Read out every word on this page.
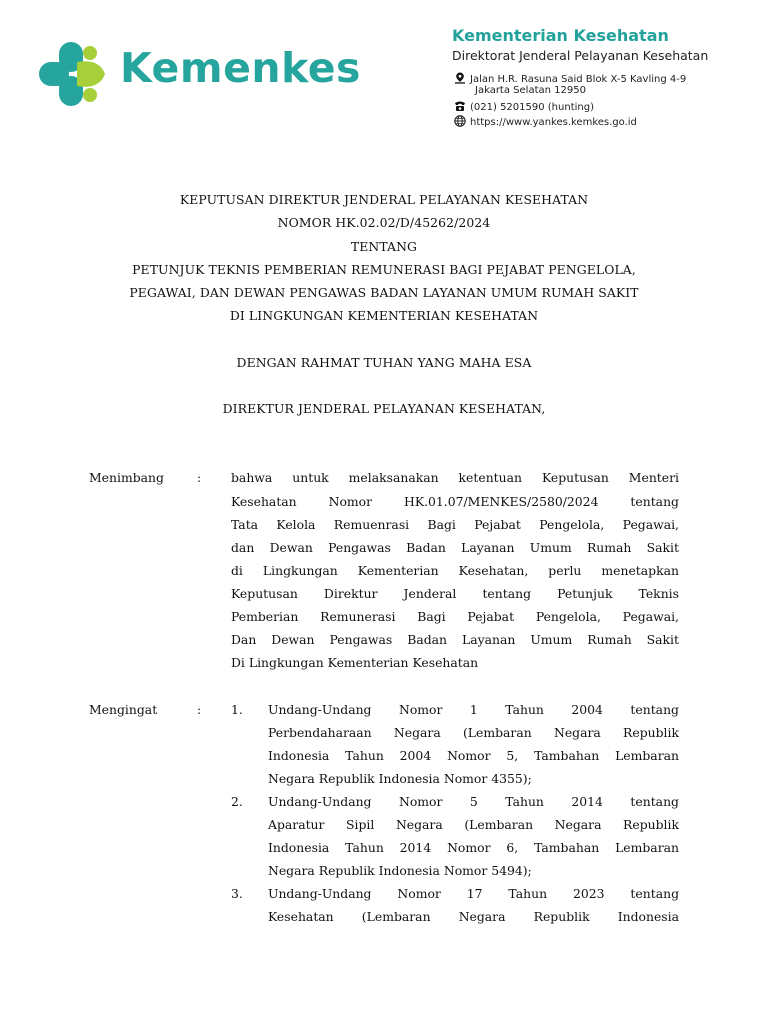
Kemenkes
Kementerian Kesehatan
Direktorat Jenderal Pelayanan Kesehatan
Jalan H.R. Rasuna Said Blok X-5 Kavling 4-9
Jakarta Selatan 12950
(021) 5201590 (hunting)
https://www.yankes.kemkes.go.id
KEPUTUSAN DIREKTUR JENDERAL PELAYANAN KESEHATAN
NOMOR HK.02.02/D/45262/2024
TENTANG
PETUNJUK TEKNIS PEMBERIAN REMUNERASI BAGI PEJABAT PENGELOLA,
PEGAWAI, DAN DEWAN PENGAWAS BADAN LAYANAN UMUM RUMAH SAKIT
DI LINGKUNGAN KEMENTERIAN KESEHATAN
DENGAN RAHMAT TUHAN YANG MAHA ESA
DIREKTUR JENDERAL PELAYANAN KESEHATAN,
Menimbang	: bahwa untuk melaksanakan ketentuan Keputusan Menteri
Kesehatan Nomor HK.01.07/MENKES/2580/2024 tentang
Tata Kelola Remuenrasi Bagi Pejabat Pengelola, Pegawai,
dan Dewan Pengawas Badan Layanan Umum Rumah Sakit
di Lingkungan Kementerian Kesehatan, perlu menetapkan
Keputusan Direktur Jenderal tentang Petunjuk Teknis
Pemberian Remunerasi Bagi Pejabat Pengelola, Pegawai,
Dan Dewan Pengawas Badan Layanan Umum Rumah Sakit
Di Lingkungan Kementerian Kesehatan
Mengingat	: 1. Undang-Undang Nomor 1 Tahun 2004 tentang
Perbendaharaan Negara (Lembaran Negara Republik
Indonesia Tahun 2004 Nomor 5, Tambahan Lembaran
Negara Republik Indonesia Nomor 4355);
2. Undang-Undang Nomor 5 Tahun 2014 tentang
Aparatur Sipil Negara (Lembaran Negara Republik
Indonesia Tahun 2014 Nomor 6, Tambahan Lembaran
Negara Republik Indonesia Nomor 5494);
3. Undang-Undang Nomor 17 Tahun 2023 tentang
Kesehatan (Lembaran Negara Republik Indonesia
